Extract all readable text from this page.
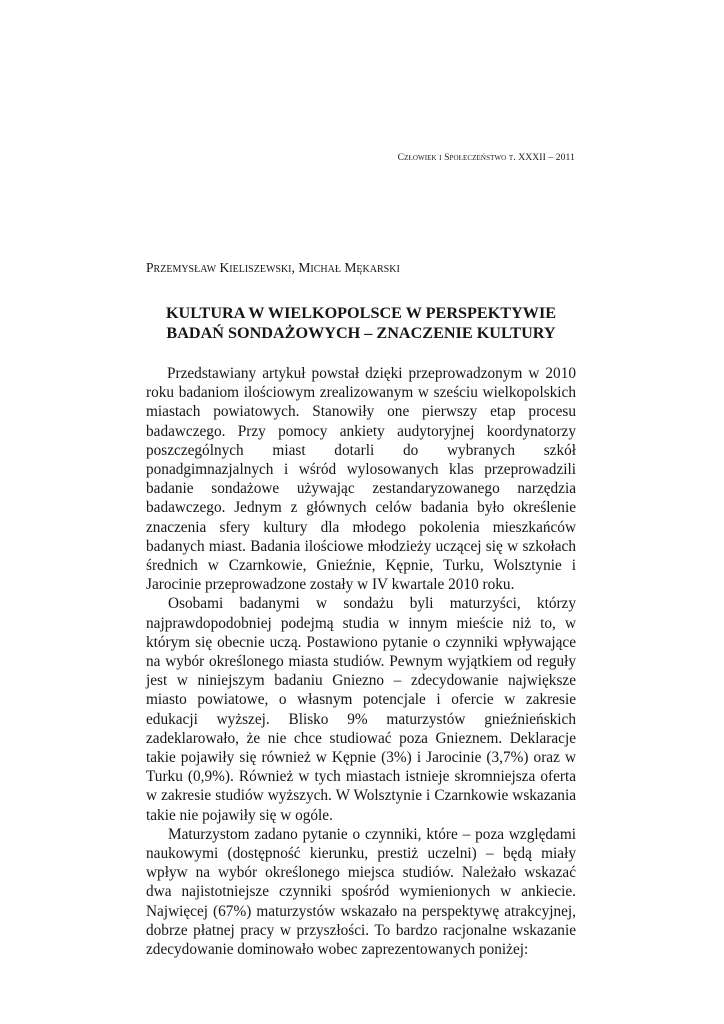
Człowiek i Społeczeństwo t. XXXII – 2011
Przemysław Kieliszewski, Michał Mękarski
KULTURA W WIELKOPOLSCE W PERSPEKTYWIE
BADAŃ SONDAŻOWYCH – ZNACZENIE KULTURY

Przedstawiany artykuł powstał dzięki przeprowadzonym w 2010 roku badaniom ilościowym zrealizowanym w sześciu wielkopolskich miastach powiatowych. Stanowiły one pierwszy etap procesu badawczego. Przy pomocy ankiety audytoryjnej koordynatorzy poszczególnych miast dotarli do wybranych szkół ponadgimnazjalnych i wśród wylosowanych klas przeprowadzili badanie sondażowe używając zestandaryzowanego narzędzia badawczego. Jednym z głównych celów badania było określenie znaczenia sfery kultury dla młodego pokolenia mieszkańców badanych miast. Badania ilościowe młodzieży uczącej się w szkołach średnich w Czarnkowie, Gnieźnie, Kępnie, Turku, Wolsztynie i Jarocinie przeprowadzone zostały w IV kwartale 2010 roku.

Osobami badanymi w sondażu byli maturzyści, którzy najprawdopodobniej podejmą studia w innym mieście niż to, w którym się obecnie uczą. Postawiono pytanie o czynniki wpływające na wybór określonego miasta studiów. Pewnym wyjątkiem od reguły jest w niniejszym badaniu Gniezno – zdecydowanie największe miasto powiatowe, o własnym potencjale i ofercie w zakresie edukacji wyższej. Blisko 9% maturzystów gnieźnieńskich zadeklarowało, że nie chce studiować poza Gnieznem. Deklaracje takie pojawiły się również w Kępnie (3%) i Jarocinie (3,7%) oraz w Turku (0,9%). Również w tych miastach istnieje skromniejsza oferta w zakresie studiów wyższych. W Wolsztynie i Czarnkowie wskazania takie nie pojawiły się w ogóle.

Maturzystom zadano pytanie o czynniki, które – poza względami naukowymi (dostępność kierunku, prestiż uczelni) – będą miały wpływ na wybór określonego miejsca studiów. Należało wskazać dwa najistotniejsze czynniki spośród wymienionych w ankiecie. Najwięcej (67%) maturzystów wskazało na perspektywę atrakcyjnej, dobrze płatnej pracy w przyszłości. To bardzo racjonalne wskazanie zdecydowanie dominowało wobec zaprezentowanych poniżej:
